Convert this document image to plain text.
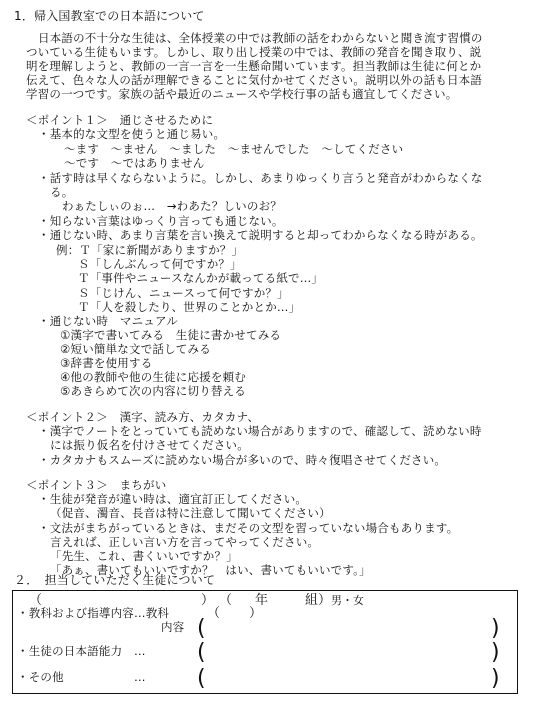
1．帰入国教室での日本語について
日本語の不十分な生徒は、全体授業の中では教師の話をわからないと聞き流す習慣の
ついている生徒もいます。しかし、取り出し授業の中では、教師の発音を聞き取り、説
明を理解しようと、教師の一言一言を一生懸命聞いています。担当教師は生徒に何とか
伝えて、色々な人の話が理解できることに気付かせてください。説明以外の話も日本語
学習の一つです。家族の話や最近のニュースや学校行事の話も適宜してください。
＜ポイント１＞　通じさせるために
・基本的な文型を使うと通じ易い。
〜ます　〜ません　〜ました　〜ませんでした　〜してください
〜です　〜ではありません
・話す時は早くならないように。しかし、あまりゆっくり言うと発音がわからなくな
る。
わぁたしぃのぉ…　→わあた？しいのお？
・知らない言葉はゆっくり言っても通じない。
・通じない時、あまり言葉を言い換えて説明すると却ってわからなくなる時がある。
例：Ｔ「家に新聞がありますか？」
Ｓ「しんぶんって何ですか？」
Ｔ「事件やニュースなんかが載ってる紙で…」
Ｓ「じけん、ニュースって何ですか？」
Ｔ「人を殺したり、世界のことかとか…」
・通じない時　マニュアル
①漢字で書いてみる　生徒に書かせてみる
②短い簡単な文で話してみる
③辞書を使用する
④他の教師や他の生徒に応援を頼む
⑤あきらめて次の内容に切り替える
＜ポイント２＞　漢字、読み方、カタカナ、
・漢字でノートをとっていても読めない場合がありますので、確認して、読めない時
には振り仮名を付けさせてください。
・カタカナもスムーズに読めない場合が多いので、時々復唱させてください。
＜ポイント３＞　まちがい
・生徒が発音が違い時は、適宜訂正してください。
（促音、濁音、長音は特に注意して聞いてください）
・文法がまちがっているときは、まだその文型を習っていない場合もあります。
言えれば、正しい言い方を言ってやってください。
「先生、これ、書くいいですか？」
「あぁ、書いてもいいですか？　はい、書いてもいいです。」
２．　担当していただく生徒について
（	） （ 年	組） 男・女
・教科および指導内容…教科	（ ）
内容 (	)
・生徒の日本語能力　… (	)
・その他　　　　　　… (	)
